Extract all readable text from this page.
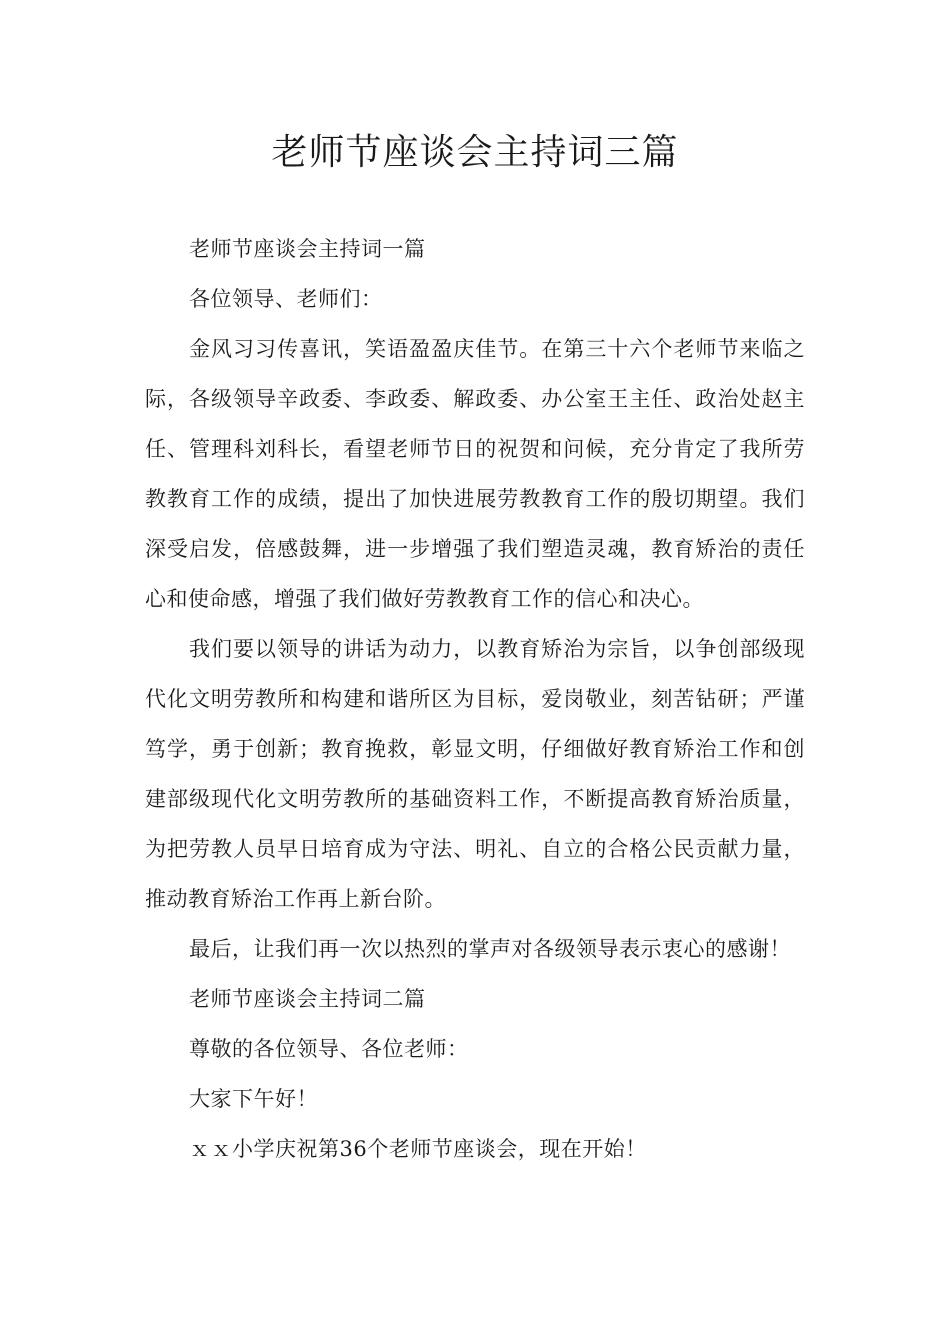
老师节座谈会主持词三篇

老师节座谈会主持词一篇

各位领导、老师们：

金风习习传喜讯，笑语盈盈庆佳节。在第三十六个老师节来临之际，各级领导辛政委、李政委、解政委、办公室王主任、政治处赵主任、管理科刘科长，看望老师节日的祝贺和问候，充分肯定了我所劳教教育工作的成绩，提出了加快进展劳教教育工作的殷切期望。我们深受启发，倍感鼓舞，进一步增强了我们塑造灵魂，教育矫治的责任心和使命感，增强了我们做好劳教教育工作的信心和决心。

我们要以领导的讲话为动力，以教育矫治为宗旨，以争创部级现代化文明劳教所和构建和谐所区为目标，爱岗敬业，刻苦钻研；严谨笃学，勇于创新；教育挽救，彰显文明，仔细做好教育矫治工作和创建部级现代化文明劳教所的基础资料工作，不断提高教育矫治质量，为把劳教人员早日培育成为守法、明礼、自立的合格公民贡献力量，推动教育矫治工作再上新台阶。

最后，让我们再一次以热烈的掌声对各级领导表示衷心的感谢！

老师节座谈会主持词二篇

尊敬的各位领导、各位老师：

大家下午好！

ｘｘ小学庆祝第36个老师节座谈会，现在开始！
